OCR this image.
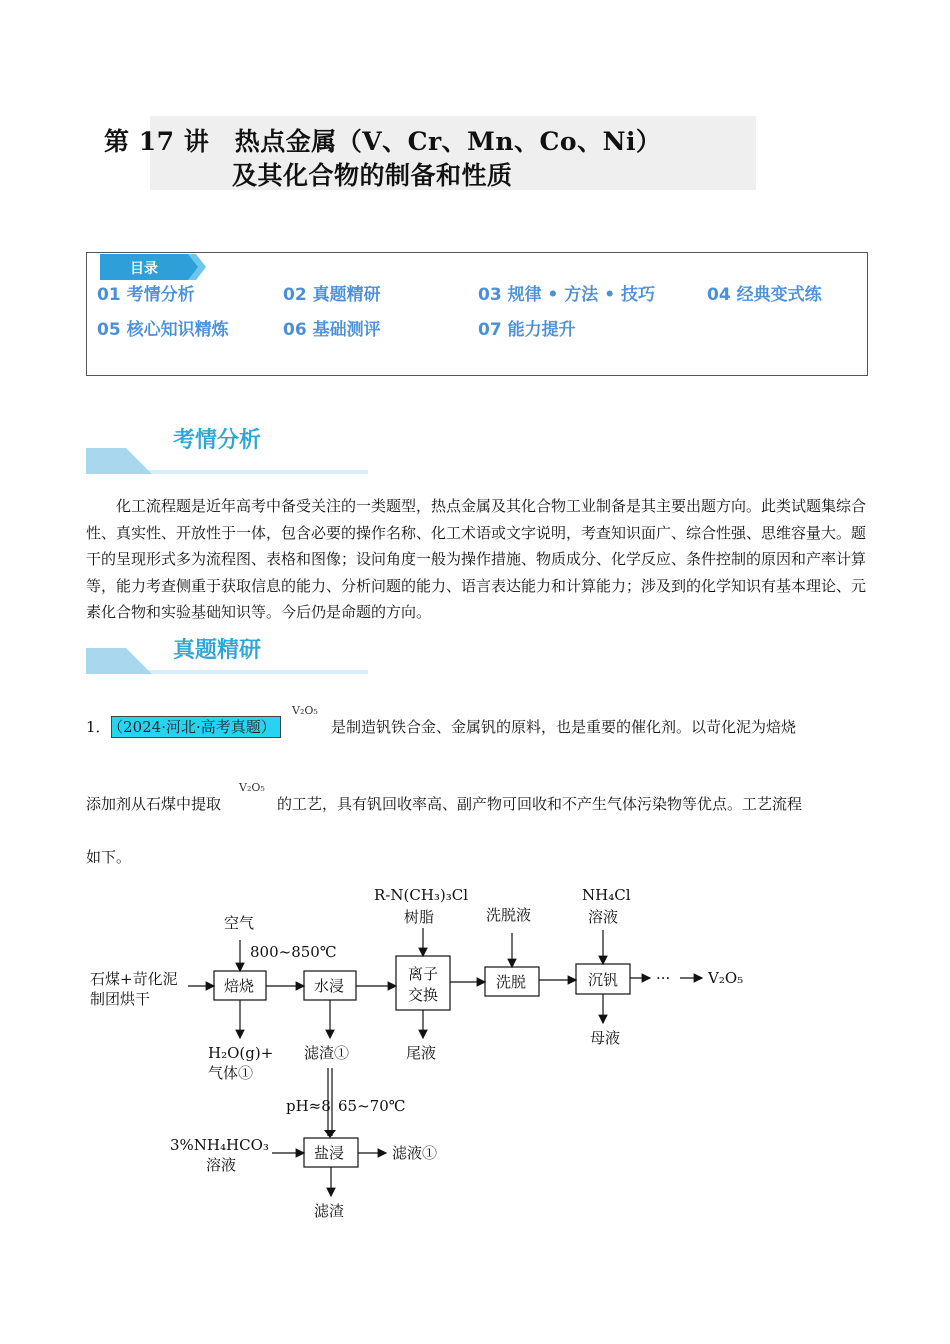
第 17 讲　热点金属（V、Cr、Mn、Co、Ni）
及其化合物的制备和性质
目录
01 考情分析	02 真题精研	03 规律 • 方法 • 技巧	04 经典变式练
05 核心知识精炼	06 基础测评	07 能力提升
考情分析

化工流程题是近年高考中备受关注的一类题型，热点金属及其化合物工业制备是其主要出题方向。此类试题集综合性、真实性、开放性于一体，包含必要的操作名称、化工术语或文字说明，考查知识面广、综合性强、思维容量大。题干的呈现形式多为流程图、表格和图像；设问角度一般为操作措施、物质成分、化学反应、条件控制的原因和产率计算等，能力考查侧重于获取信息的能力、分析问题的能力、语言表达能力和计算能力；涉及到的化学知识有基本理论、元素化合物和实验基础知识等。今后仍是命题的方向。

真题精研
1． （2024·河北·高考真题）
V₂O₅
是制造钒铁合金、金属钒的原料，也是重要的催化剂。以苛化泥为焙烧
添加剂从石煤中提取
V₂O₅
的工艺，具有钒回收率高、副产物可回收和不产生气体污染物等优点。工艺流程
如下。
石煤+苛化泥
制团烘干
空气
800~850℃
焙烧	水浸
离子
交换
洗脱	沉钒	···	V₂O₅
R-N(CH₃)₃Cl
树脂	洗脱液
NH₄Cl
溶液
H₂O(g)+
气体①
滤渣①	尾液
母液
pH≈8 65~70℃
3%NH₄HCO₃
溶液
盐浸	滤液①
滤渣
